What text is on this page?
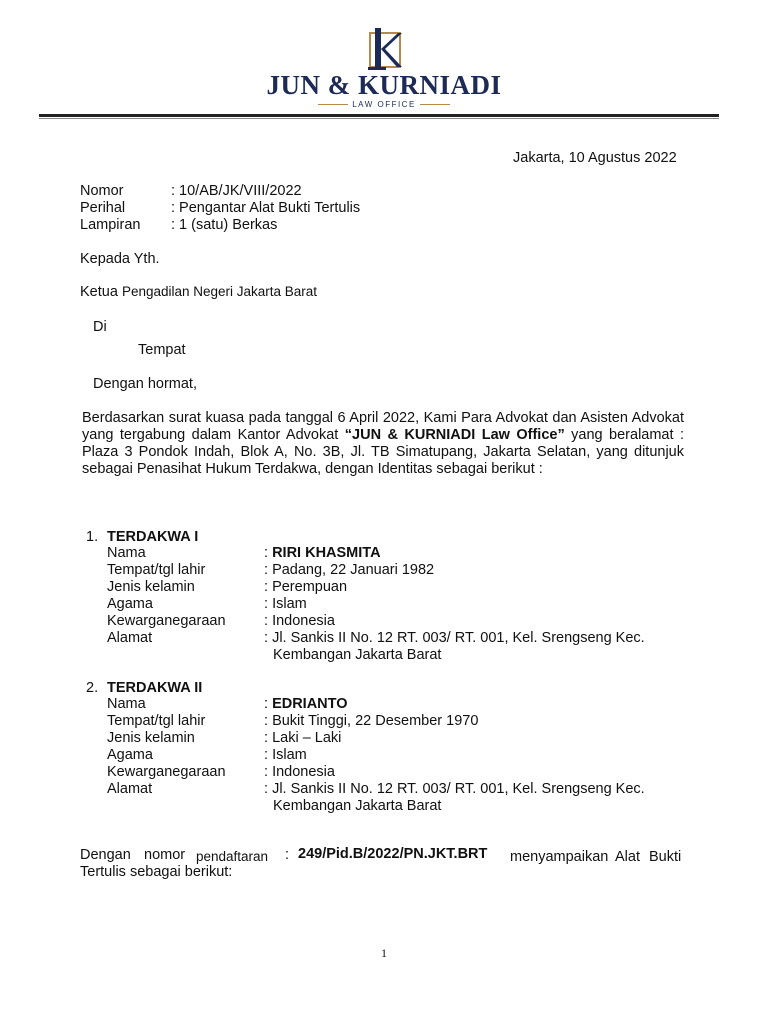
JUN & KURNIADI
LAW OFFICE
Jakarta, 10 Agustus 2022
Nomor	: 10/AB/JK/VIII/2022
Perihal	: Pengantar Alat Bukti Tertulis
Lampiran : 1 (satu) Berkas
Kepada Yth.
Ketua Pengadilan Negeri Jakarta Barat
Di
Tempat
Dengan hormat,
Berdasarkan surat kuasa pada tanggal 6 April 2022, Kami Para Advokat dan Asisten Advokat yang tergabung dalam Kantor Advokat “JUN & KURNIADI Law Office” yang beralamat : Plaza 3 Pondok Indah, Blok A, No. 3B, Jl. TB Simatupang, Jakarta Selatan, yang ditunjuk sebagai Penasihat Hukum Terdakwa, dengan Identitas sebagai berikut :
1. TERDAKWA I
Nama	: RIRI KHASMITA
Tempat/tgl lahir	: Padang, 22 Januari 1982
Jenis kelamin	: Perempuan
Agama	: Islam
Kewarganegaraan	: Indonesia
Alamat	: Jl. Sankis II No. 12 RT. 003/ RT. 001, Kel. Srengseng Kec.
Kembangan Jakarta Barat
2. TERDAKWA II
Nama	: EDRIANTO
Tempat/tgl lahir	: Bukit Tinggi, 22 Desember 1970
Jenis kelamin	: Laki – Laki
Agama	: Islam
Kewarganegaraan	: Indonesia
Alamat	: Jl. Sankis II No. 12 RT. 003/ RT. 001, Kel. Srengseng Kec.
Kembangan Jakarta Barat
Dengan nomor pendaftaran : 249/Pid.B/2022/PN.JKT.BRT menyampaikan Alat Bukti
Tertulis sebagai berikut:
1
